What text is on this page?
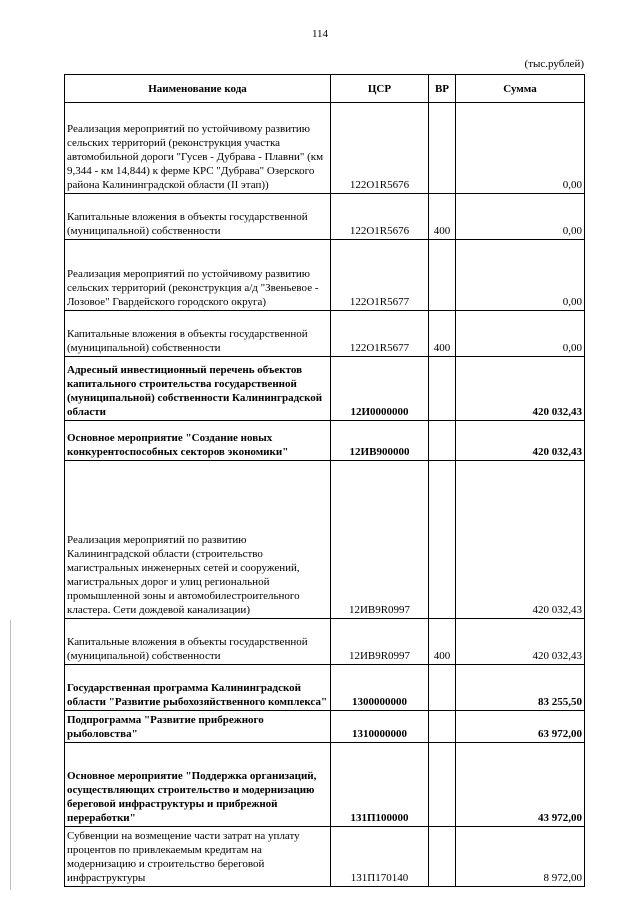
114
(тыс.рублей)
Наименование кода	ЦСР	ВР	Сумма
Реализация мероприятий по устойчивому развитию сельских территорий (реконструкция участка автомобильной дороги "Гусев - Дубрава - Плавни" (км 9,344 - км 14,844) к ферме КРС "Дубрава" Озерского района Калининградской области (II этап))	122O1R5676		0,00
Капитальные вложения в объекты государственной (муниципальной) собственности	122O1R5676	400	0,00
Реализация мероприятий по устойчивому развитию сельских территорий (реконструкция а/д "Звеньевое - Лозовое" Гвардейского городского округа)	122O1R5677		0,00
Капитальные вложения в объекты государственной (муниципальной) собственности	122O1R5677	400	0,00
Адресный инвестиционный перечень объектов капитального строительства государственной (муниципальной) собственности Калининградской области	12И0000000		420 032,43
Основное мероприятие "Создание новых конкурентоспособных секторов экономики"	12ИВ900000		420 032,43
Реализация мероприятий по развитию Калининградской области (строительство магистральных инженерных сетей и сооружений, магистральных дорог и улиц региональной промышленной зоны и автомобилестроительного кластера. Сети дождевой канализации)	12ИВ9R0997		420 032,43
Капитальные вложения в объекты государственной (муниципальной) собственности	12ИВ9R0997	400	420 032,43
Государственная программа Калининградской области "Развитие рыбохозяйственного комплекса"	1300000000		83 255,50
Подпрограмма "Развитие прибрежного рыболовства"	1310000000		63 972,00
Основное мероприятие "Поддержка организаций, осуществляющих строительство и модернизацию береговой инфраструктуры и прибрежной переработки"	131П100000		43 972,00
Субвенции на возмещение части затрат на уплату процентов по привлекаемым кредитам на модернизацию и строительство береговой инфраструктуры	131П170140		8 972,00
